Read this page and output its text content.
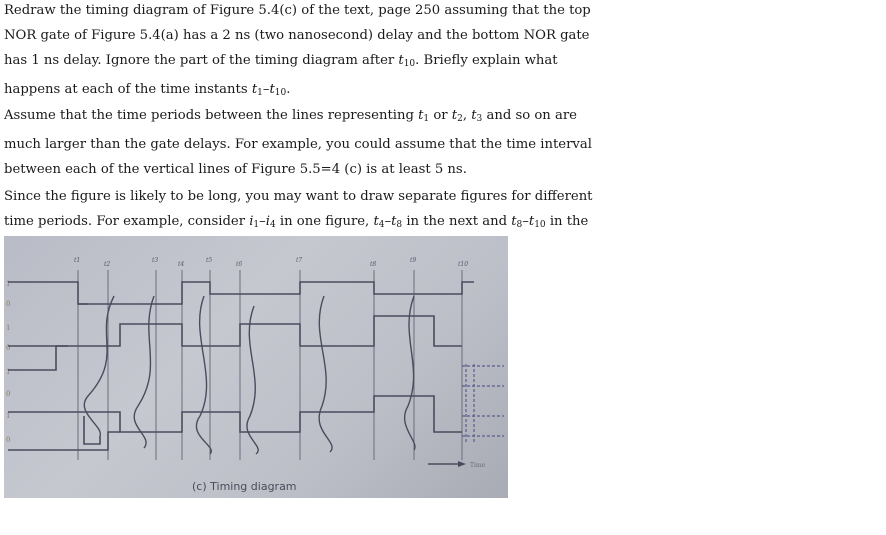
Redraw the timing diagram of Figure 5.4(c) of the text, page 250 assuming that the top NOR gate of Figure 5.4(a) has a 2 ns (two nanosecond) delay and the bottom NOR gate has 1 ns delay. Ignore the part of the timing diagram after $t_{10}$. Briefly explain what happens at each of the time instants $t_1-t_{10}$.

Assume that the time periods between the lines representing $t_1$ or $t_2$, $t_3$ and so on are much larger than the gate delays. For example, you could assume that the time interval between each of the vertical lines of Figure 5.5=4 (c) is at least 5 ns.

Since the figure is likely to be long, you may want to draw separate figures for different time periods. For example, consider $i_1-i_4$ in one figure, $t_4-t_8$ in the next and $t_8-t_{10}$ in the

t1
t2
t3
t4
t5
t6
t7
t8
t9
t10
1
0
1
0
1
0
1
0
Time
(c) Timing diagram
